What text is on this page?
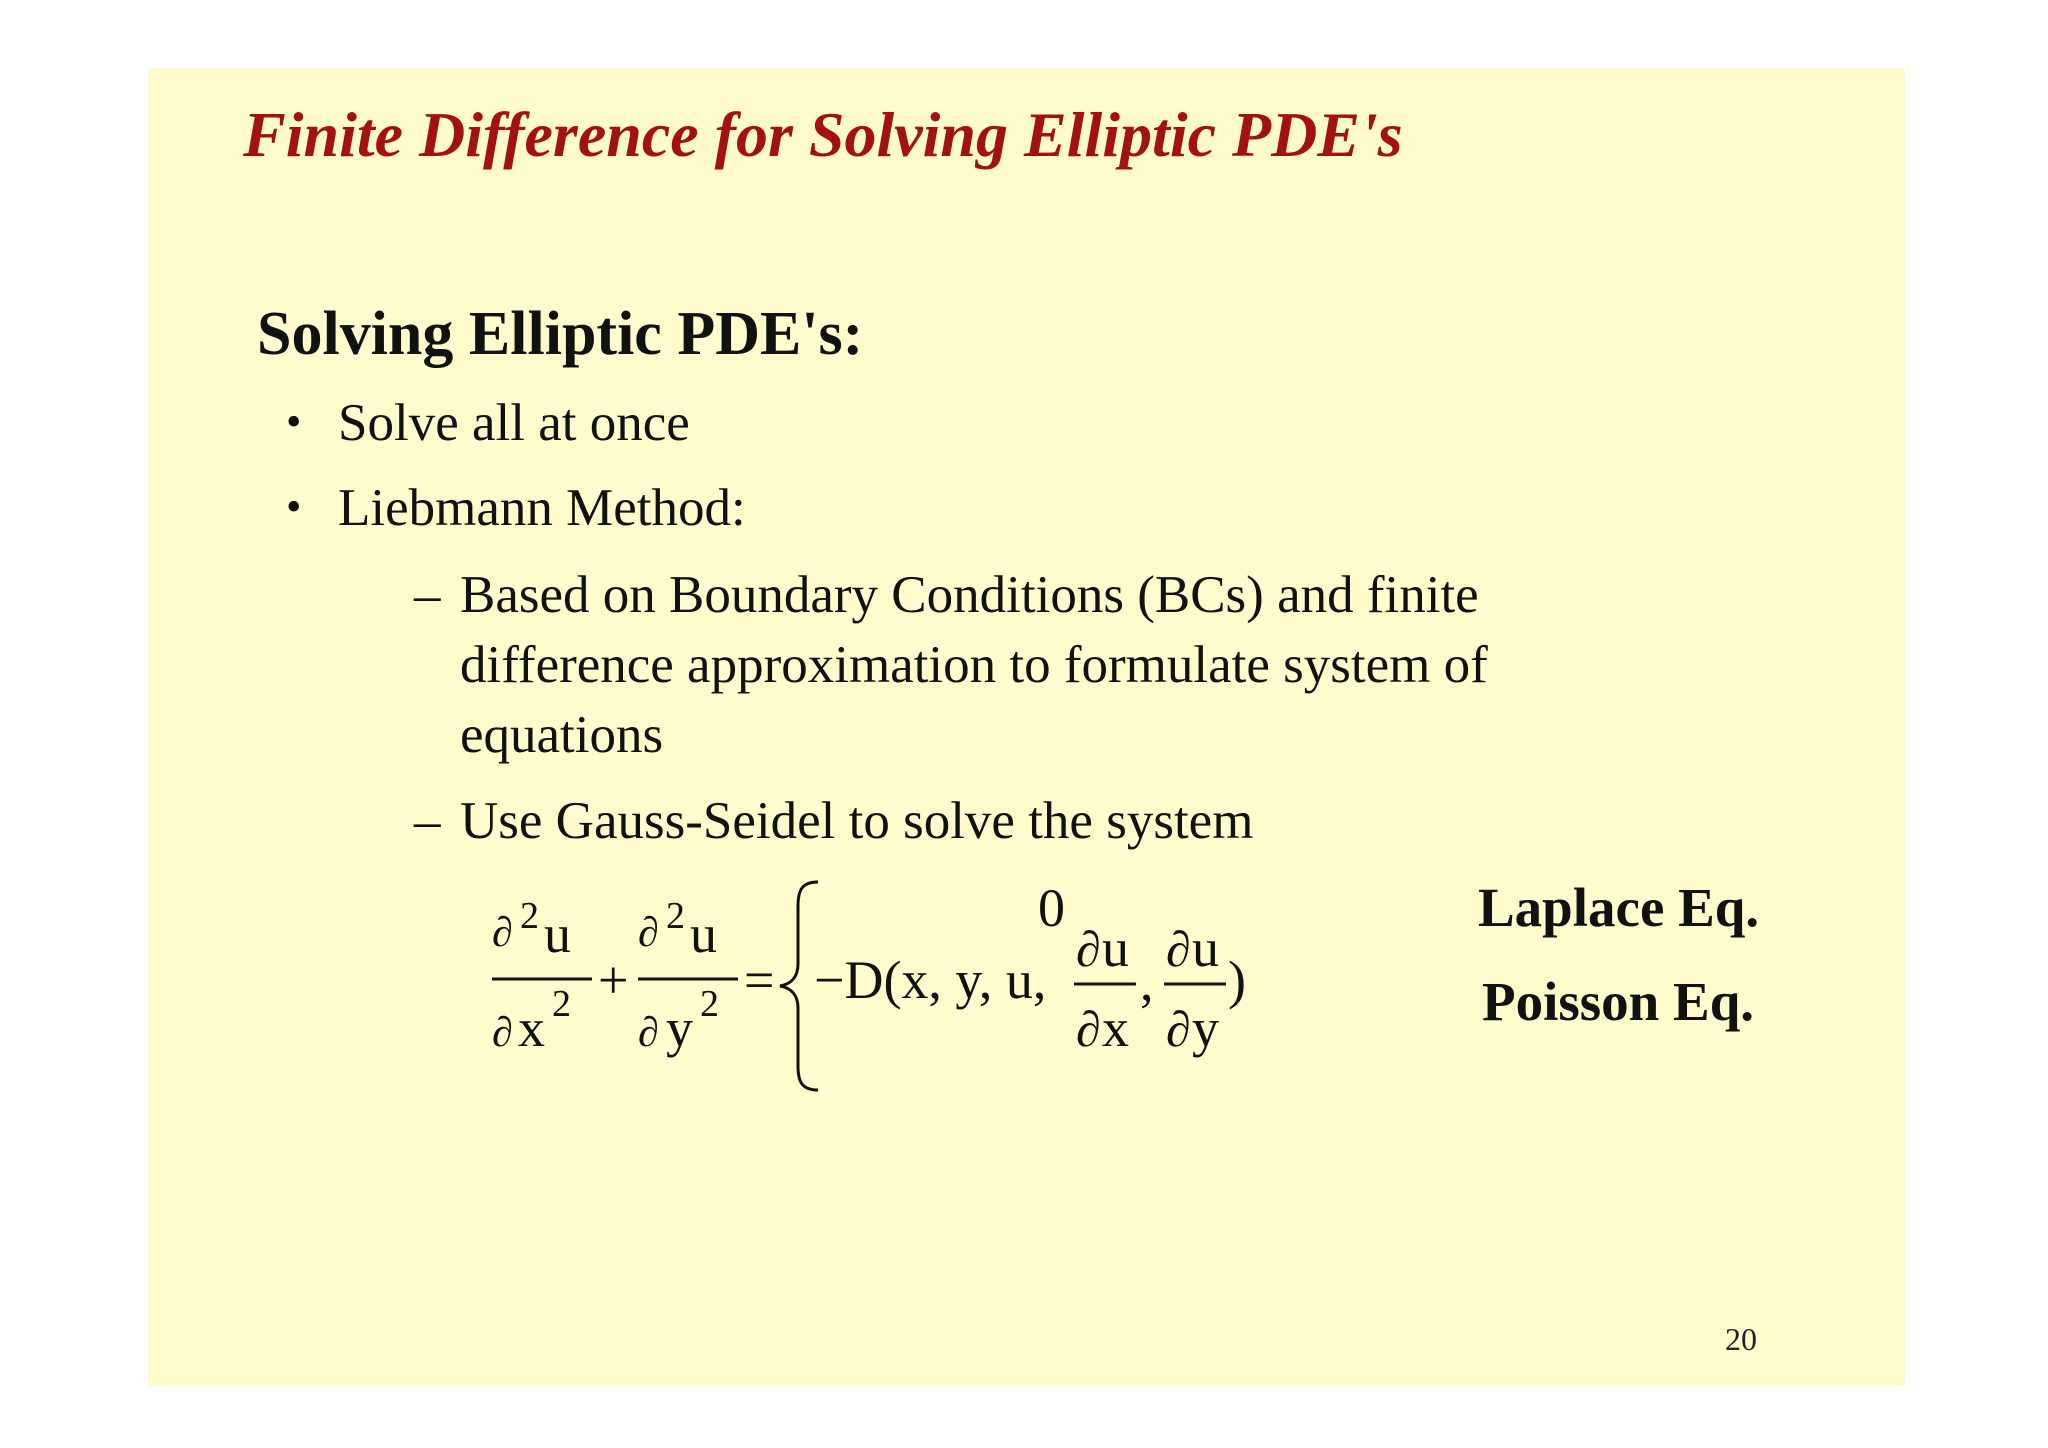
Finite Difference for Solving Elliptic PDE's
Solving Elliptic PDE's:
• Solve all at once
• Liebmann Method:
– Based on Boundary Conditions (BCs) and finite
difference approximation to formulate system of
equations
– Use Gauss-Seidel to solve the system
∂ 2 u
∂ x 2 +
∂ 2 u
∂ y 2 =
0
−D(x, y, u,
∂ u
∂ x
,
∂ u
∂ y
)
Laplace Eq.
Poisson Eq.
20
